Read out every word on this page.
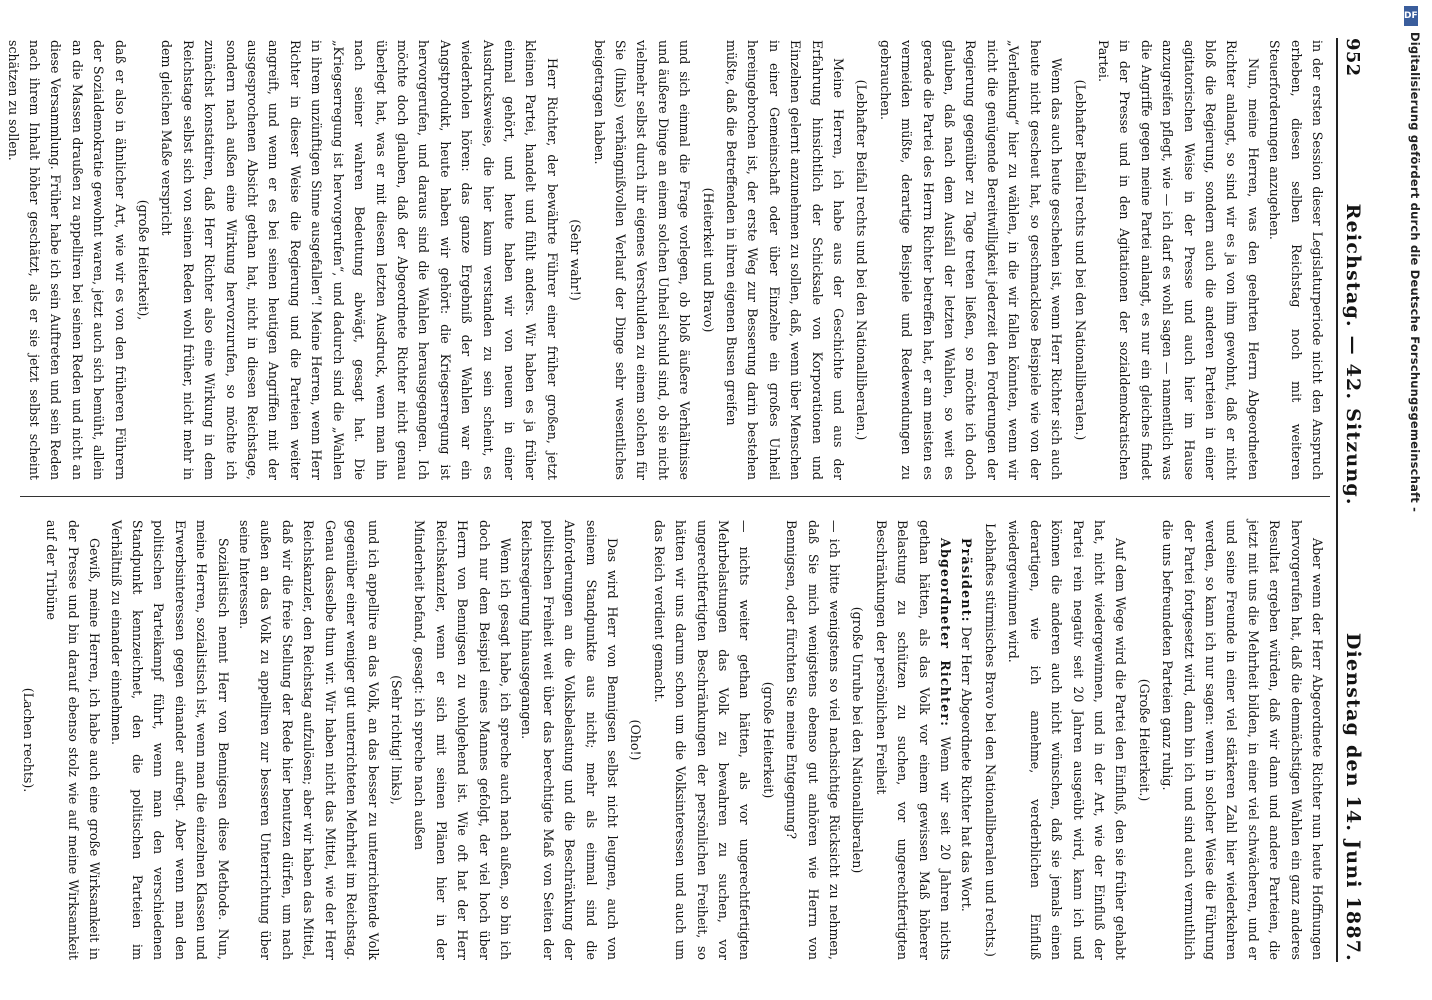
DFG
Digitalisierung gefördert durch die Deutsche Forschungsgemeinschaft -
952
Reichstag. — 42. Sitzung.
Dienstag den 14. Juni 1887.

in der ersten Session dieser Legislaturperiode nicht den Anspruch erheben, diesen selben Reichstag noch mit weiteren Steuerforderungen anzugehen.

Nun, meine Herren, was den geehrten Herrn Abgeordneten Richter anlangt, so sind wir es ja von ihm gewohnt, daß er nicht bloß die Regierung, sondern auch die anderen Parteien in einer agitatorischen Weise in der Presse und auch hier im Hause anzugreifen pflegt, wie — ich darf es wohl sagen — namentlich was die Angriffe gegen meine Partei anlangt, es nur ein gleiches findet in der Presse und in den Agitationen der sozialdemokratischen Partei.

(Lebhafter Beifall rechts und bei den Nationalliberalen.)

Wenn das auch heute geschehen ist, wenn Herr Richter sich auch heute nicht gescheut hat, so geschmacklose Beispiele wie von der „Verlenkung“ hier zu wählen, in die wir fallen könnten, wenn wir nicht die genügende Bereitwilligkeit jederzeit den Forderungen der Regierung gegenüber zu Tage treten ließen, so möchte ich doch glauben, daß nach dem Ausfall der letzten Wahlen, so weit es gerade die Partei des Herrn Richter betreffen hat, er am meisten es vermeiden müßte, derartige Beispiele und Redewendungen zu gebrauchen.

(Lebhafter Beifall rechts und bei den Nationalliberalen.)

Meine Herren, ich habe aus der Geschichte und aus der Erfahrung hinsichtlich der Schicksale von Korporationen und Einzelnen gelernt anzunehmen zu sollen, daß, wenn über Menschen in einer Gemeinschaft oder über Einzelne ein großes Unheil hereingebrochen ist, der erste Weg zur Besserung darin bestehen müßte, daß die Betreffenden in ihren eigenen Busen greifen

(Heiterkeit und Bravo)

und sich einmal die Frage vorlegen, ob bloß äußere Verhältnisse und äußere Dinge an einem solchen Unheil schuld sind, ob sie nicht vielmehr selbst durch ihr eigenes Verschulden zu einem solchen für Sie (links) verhängnißvollen Verlauf der Dinge sehr wesentliches beigetragen haben.

(Sehr wahr!)

Herr Richter, der bewährte Führer einer früher großen, jetzt kleinen Partei, handelt und fühlt anders. Wir haben es ja früher einmal gehört, und heute haben wir von neuem in einer Ausdrucksweise, die hier kaum verstanden zu sein scheint, es wiederholen hören: das ganze Ergebniß der Wahlen war ein Angstprodukt, heute haben wir gehört: die Kriegserregung ist hervorgerufen, und daraus sind die Wahlen herausgegangen. Ich möchte doch glauben, daß der Abgeordnete Richter nicht genau überlegt hat, was er mit diesem letzten Ausdruck, wenn man ihn nach seiner wahren Bedeutung abwägt, gesagt hat. Die „Kriegserregung ist hervorgerufen“, und dadurch sind die „Wahlen in ihrem unzünftigen Sinne ausgefallen“! Meine Herren, wenn Herr Richter in dieser Weise die Regierung und die Parteien weiter angreift, und wenn er es bei seinen heutigen Angriffen mit der ausgesprochenen Absicht gethan hat, nicht in diesen Reichstage, sondern nach außen eine Wirkung hervorzurufen, so möchte ich zunächst konstatiren, daß Herr Richter also eine Wirkung in dem Reichstage selbst sich von seinen Reden wohl früher, nicht mehr in dem gleichen Maße verspricht

(große Heiterkeit),

daß er also in ähnlicher Art, wie wir es von den früheren Führern der Sozialdemokratie gewohnt waren, jetzt auch sich bemüht, allein an die Massen draußen zu appelliren bei seinen Reden und nicht an diese Versammlung. Früher habe ich sein Auftreten und sein Reden nach ihrem Inhalt höher geschätzt, als er sie jetzt selbst scheint schätzen zu sollen.

Aber wenn der Herr Abgeordnete Richter nun heute Hoffnungen hervorgerufen hat, daß die demnächstigen Wahlen ein ganz anderes Resultat ergeben würden, daß wir dann und andere Parteien, die jetzt mit uns die Mehrheit bilden, in einer viel schwächeren, und er und seine Freunde in einer viel stärkeren Zahl hier wiederkehren werden, so kann ich nur sagen: wenn in solcher Weise die Führung der Partei fortgesetzt wird, dann bin ich und sind auch vermuthlich die uns befreundeten Parteien ganz ruhig.

(Große Heiterkeit.)

Auf dem Wege wird die Partei den Einfluß, den sie früher gehabt hat, nicht wiedergewinnen, und in der Art, wie der Einfluß der Partei rein negativ seit 20 Jahren ausgeübt wird, kann ich und können die anderen auch nicht wünschen, daß sie jemals einen derartigen, wie ich annehme, verderblichen Einfluß wiedergewinnen wird.

Lebhaftes stürmisches Bravo bei den Nationalliberalen und rechts.)

Präsident: Der Herr Abgeordnete Richter hat das Wort.

Abgeordneter Richter: Wenn wir seit 20 Jahren nichts gethan hätten, als das Volk vor einem gewissen Maß höherer Belastung zu schützen zu suchen, vor ungerechtfertigten Beschränkungen der persönlichen Freiheit

(große Unruhe bei den Nationalliberalen)

— ich bitte wenigstens so viel nachsichtige Rücksicht zu nehmen, daß Sie mich wenigstens ebenso gut anhören wie Herrn von Bennigsen, oder fürchten Sie meine Entgegnung?

(große Heiterkeit)

— nichts weiter gethan hätten, als vor ungerechtfertigten Mehrbelastungen das Volk zu bewahren zu suchen, vor ungerechtfertigten Beschränkungen der persönlichen Freiheit, so hätten wir uns darum schon um die Volksinteressen und auch um das Reich verdient gemacht.

(Oho!)

Das wird Herr von Bennigsen selbst nicht leugnen, auch von seinem Standpunkte aus nicht; mehr als einmal sind die Anforderungen an die Volksbelastung und die Beschränkung der politischen Freiheit weit über das berechtigte Maß von Seiten der Reichsregierung hinausgegangen.

Wenn ich gesagt habe, ich spreche auch nach außen, so bin ich doch nur dem Beispiel eines Mannes gefolgt, der viel hoch über Herrn von Bennigsen zu wohlgehend ist. Wie oft hat der Herr Reichskanzler, wenn er sich mit seinen Plänen hier in der Minderheit befand, gesagt: ich spreche nach außen

(Sehr richtig! links),

und ich appellire an das Volk, an das besser zu unterrichtende Volk gegenüber einer weniger gut unterrichteten Mehrheit im Reichstag. Genau dasselbe thun wir. Wir haben nicht das Mittel, wie der Herr Reichskanzler, den Reichstag aufzulösen; aber wir haben das Mittel, daß wir die freie Stellung der Rede hier benutzen dürfen, um nach außen an das Volk zu appelliren zur besseren Unterrichtung über seine Interessen.

Sozialistisch nennt Herr von Bennigsen diese Methode. Nun, meine Herren, sozialistisch ist, wenn man die einzelnen Klassen und Erwerbsinteressen gegen einander aufregt. Aber wenn man den politischen Parteikampf führt, wenn man den verschiedenen Standpunkt kennzeichnet, den die politischen Parteien im Verhältniß zu einander einnehmen.

Gewiß, meine Herren, ich habe auch eine große Wirksamkeit in der Presse und bin darauf ebenso stolz wie auf meine Wirksamkeit auf der Tribüne

(Lachen rechts).
